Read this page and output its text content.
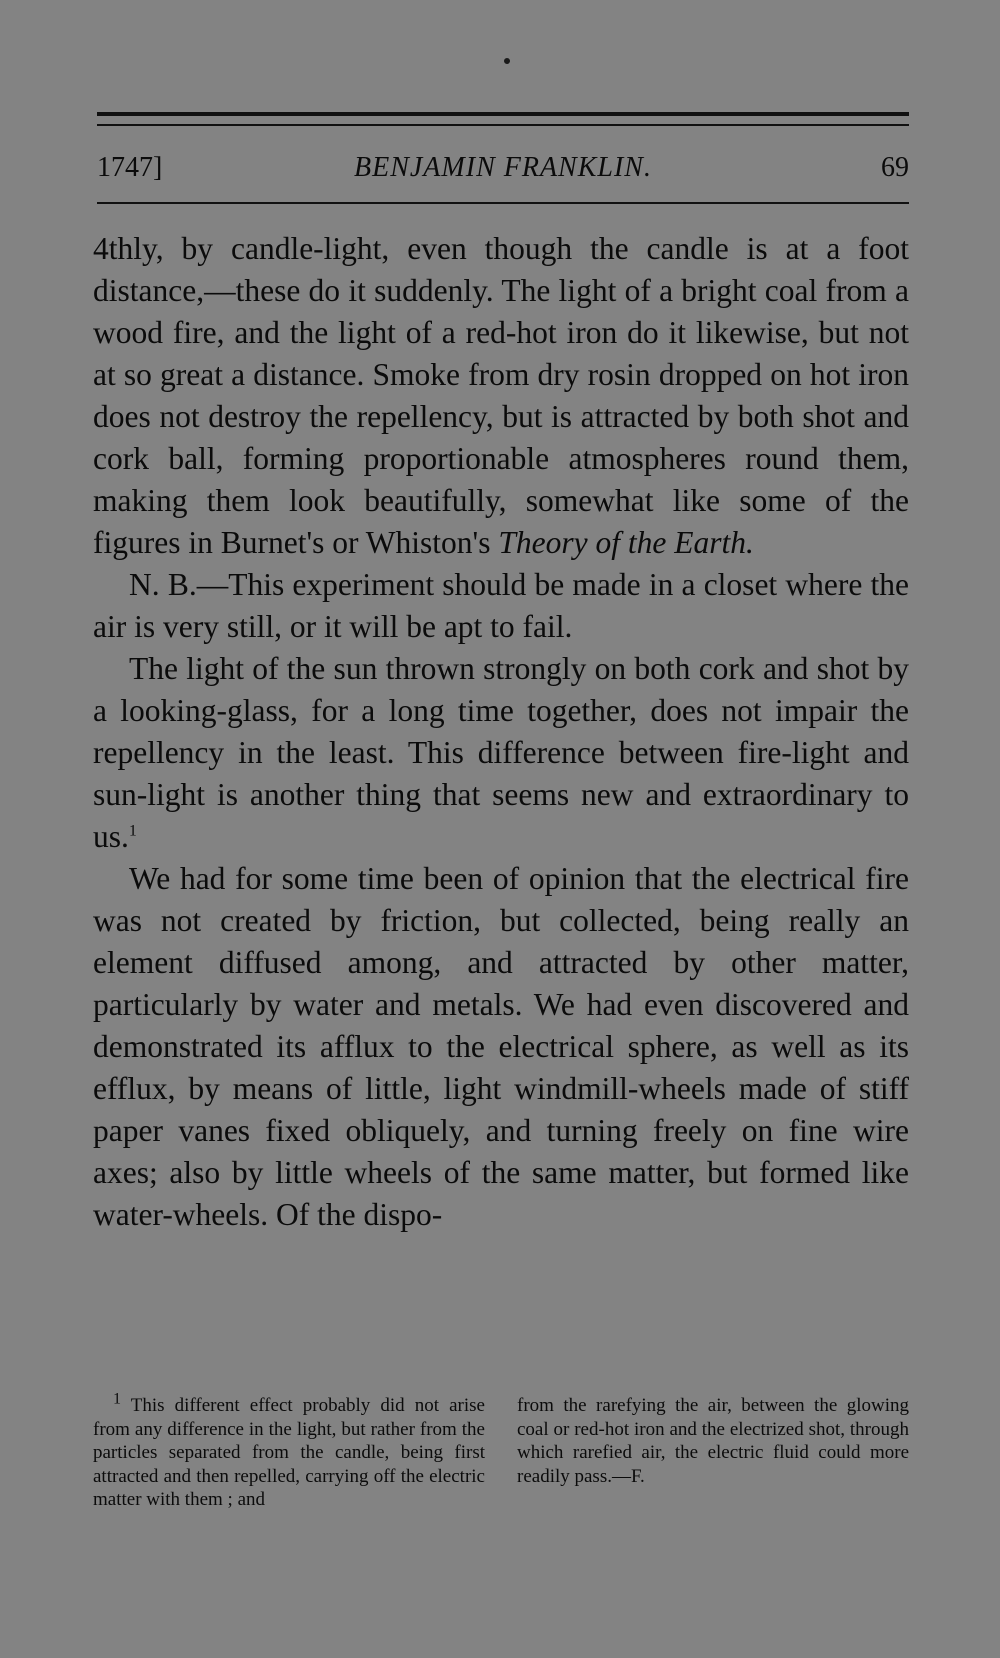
1747]	BENJAMIN FRANKLIN.	69

4thly, by candle-light, even though the candle is at a foot distance,—these do it suddenly. The light of a bright coal from a wood fire, and the light of a red-hot iron do it likewise, but not at so great a distance. Smoke from dry rosin dropped on hot iron does not destroy the repellency, but is attracted by both shot and cork ball, forming proportionable atmospheres round them, making them look beautifully, somewhat like some of the figures in Burnet's or Whiston's Theory of the Earth.

N. B.—This experiment should be made in a closet where the air is very still, or it will be apt to fail.

The light of the sun thrown strongly on both cork and shot by a looking-glass, for a long time together, does not impair the repellency in the least. This difference between fire-light and sun-light is another thing that seems new and extraordinary to us.$^1$

We had for some time been of opinion that the electrical fire was not created by friction, but collected, being really an element diffused among, and attracted by other matter, particularly by water and metals. We had even discovered and demonstrated its afflux to the electrical sphere, as well as its efflux, by means of little, light windmill-wheels made of stiff paper vanes fixed obliquely, and turning freely on fine wire axes; also by little wheels of the same matter, but formed like water-wheels. Of the dispo-

$^1$ This different effect probably did not arise from any difference in the light, but rather from the particles separated from the candle, being first attracted and then repelled, carrying off the electric matter with them ; and

from the rarefying the air, between the glowing coal or red-hot iron and the electrized shot, through which rarefied air, the electric fluid could more readily pass.—F.
